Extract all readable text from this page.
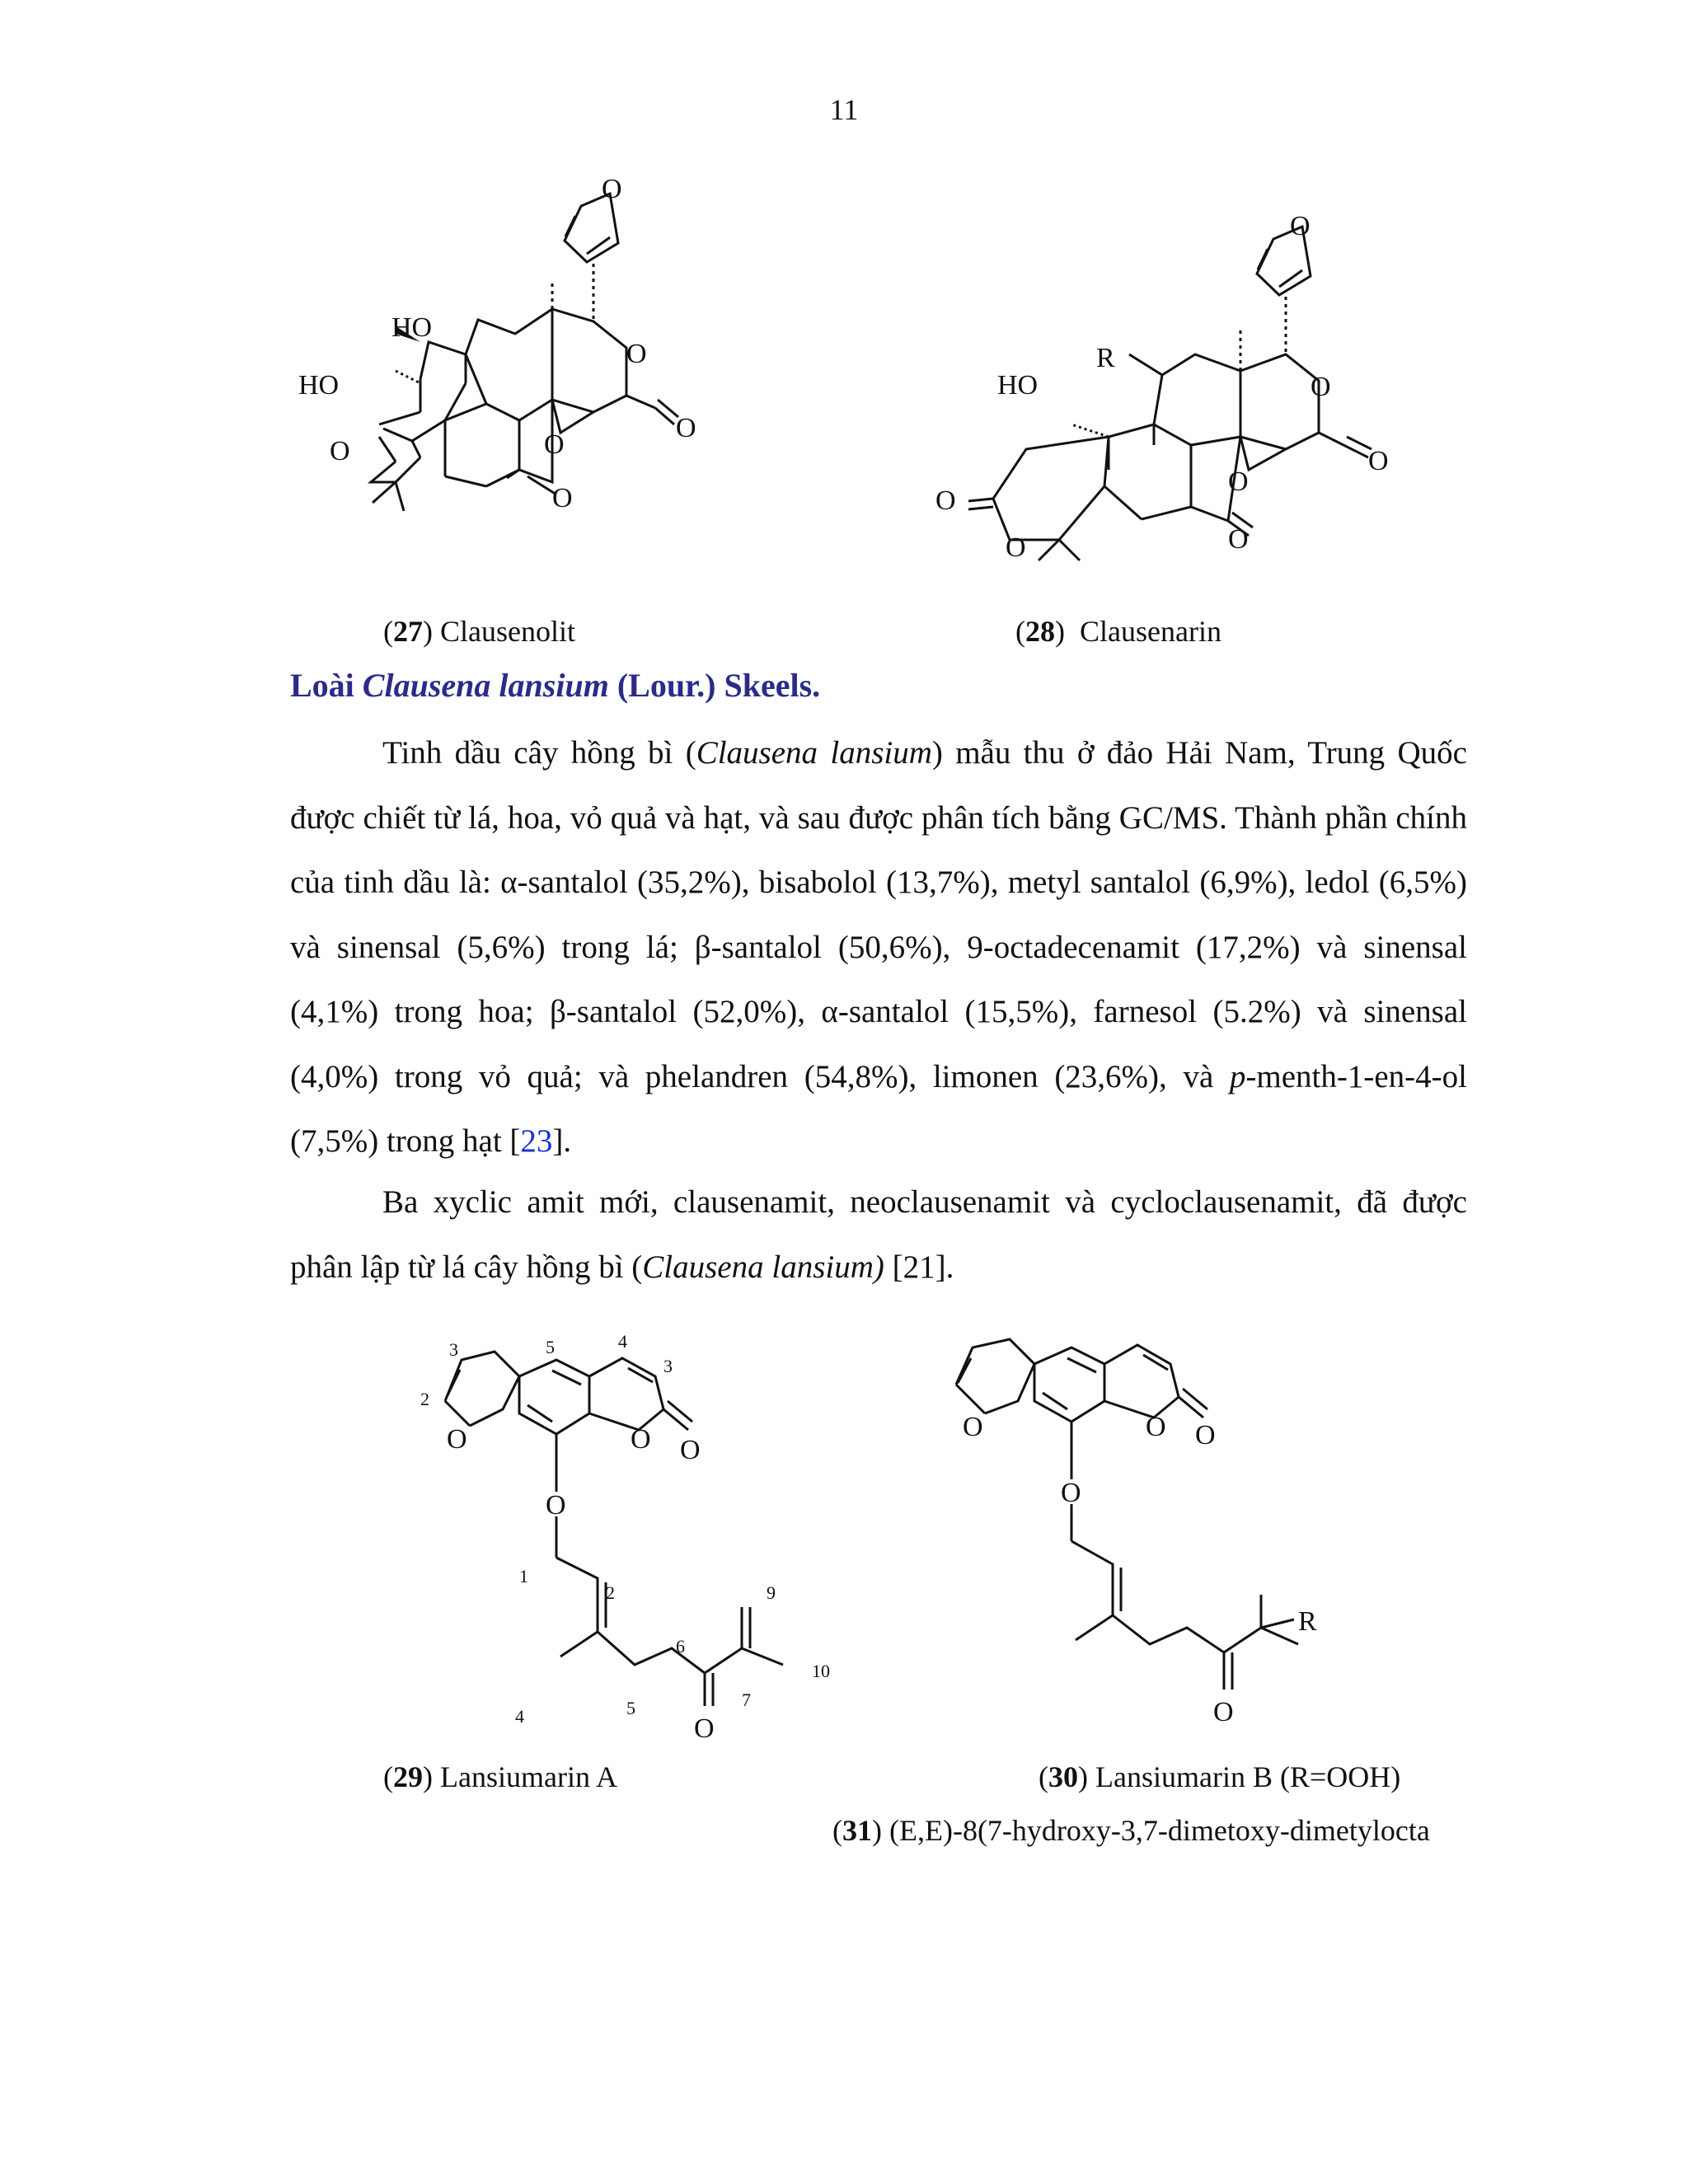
11
O
O
O
O
O
O
HO
HO
O
O
O
O
O
O
O
R
HO
(27) Clausenolit	(28)  Clausenarin
Loài Clausena lansium (Lour.) Skeels.
Tinh dầu cây hồng bì (Clausena lansium) mẫu thu ở đảo Hải Nam, Trung Quốc được chiết từ lá, hoa, vỏ quả và hạt, và sau được phân tích bằng GC/MS. Thành phần chính của tinh dầu là: α-santalol (35,2%), bisabolol (13,7%), metyl santalol (6,9%), ledol (6,5%) và sinensal (5,6%) trong lá; β-santalol (50,6%), 9-octadecenamit (17,2%) và sinensal (4,1%) trong hoa; β-santalol (52,0%), α-santalol (15,5%), farnesol (5.2%) và sinensal (4,0%) trong vỏ quả; và phelandren (54,8%), limonen (23,6%), và p-menth-1-en-4-ol (7,5%) trong hạt [23].
Ba xyclic amit mới, clausenamit, neoclausenamit và cycloclausenamit, đã được phân lập từ lá cây hồng bì (Clausena lansium) [21].
2
3	5	4
3
O	O O
O
1
2
4	5
6
7
9
10
O
O	O O
O
O
R
(29) Lansiumarin A	(30) Lansiumarin B (R=OOH)
(31) (E,E)-8(7-hydroxy-3,7-dimetoxy-dimetylocta
